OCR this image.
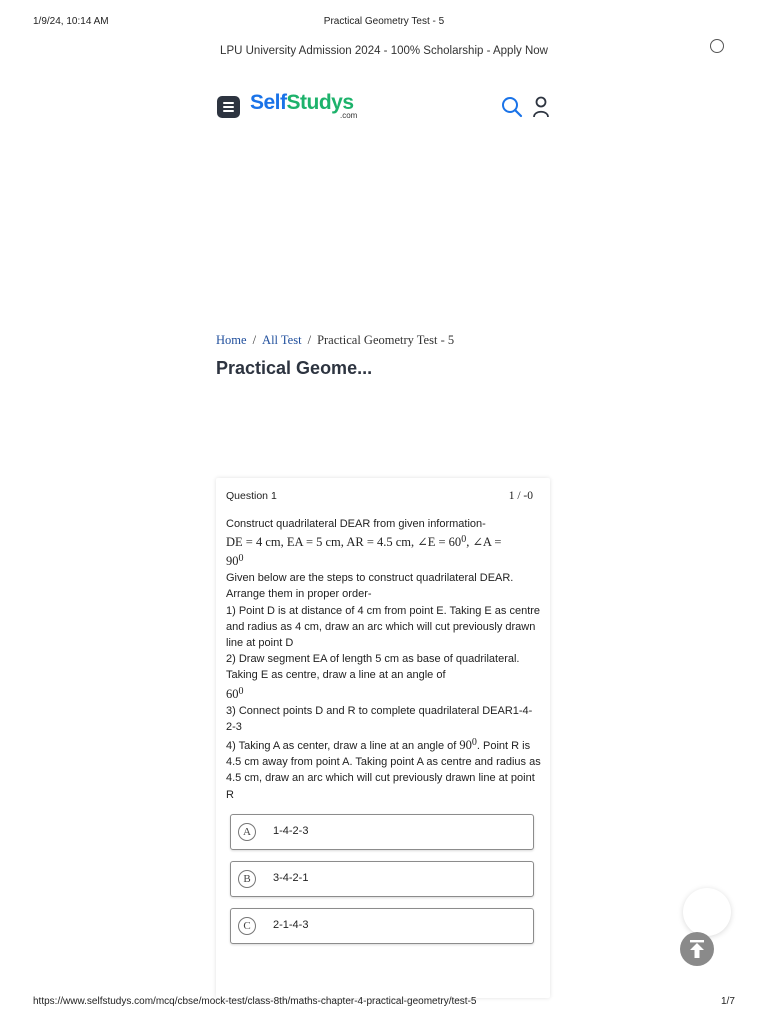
1/9/24, 10:14 AM	Practical Geometry Test - 5
LPU University Admission 2024 - 100% Scholarship - Apply Now
SelfStudys
.com
Home / All Test / Practical Geometry Test - 5
Practical Geome...
Question 1	1 / -0

Construct quadrilateral DEAR from given information-

DE = 4 cm, EA = 5 cm, AR = 4.5 cm, ∠E = 600, ∠A =

900

Given below are the steps to construct quadrilateral DEAR. Arrange them in proper order-

1) Point D is at distance of 4 cm from point E. Taking E as centre and radius as 4 cm, draw an arc which will cut previously drawn line at point D

2) Draw segment EA of length 5 cm as base of quadrilateral. Taking E as centre, draw a line at an angle of

600

3) Connect points D and R to complete quadrilateral DEAR1-4-2-3

4) Taking A as center, draw a line at an angle of 900. Point R is 4.5 cm away from point A. Taking point A as centre and radius as 4.5 cm, draw an arc which will cut previously drawn line at point R

A	1-4-2-3
B	3-4-2-1
C	2-1-4-3
https://www.selfstudys.com/mcq/cbse/mock-test/class-8th/maths-chapter-4-practical-geometry/test-5	1/7
